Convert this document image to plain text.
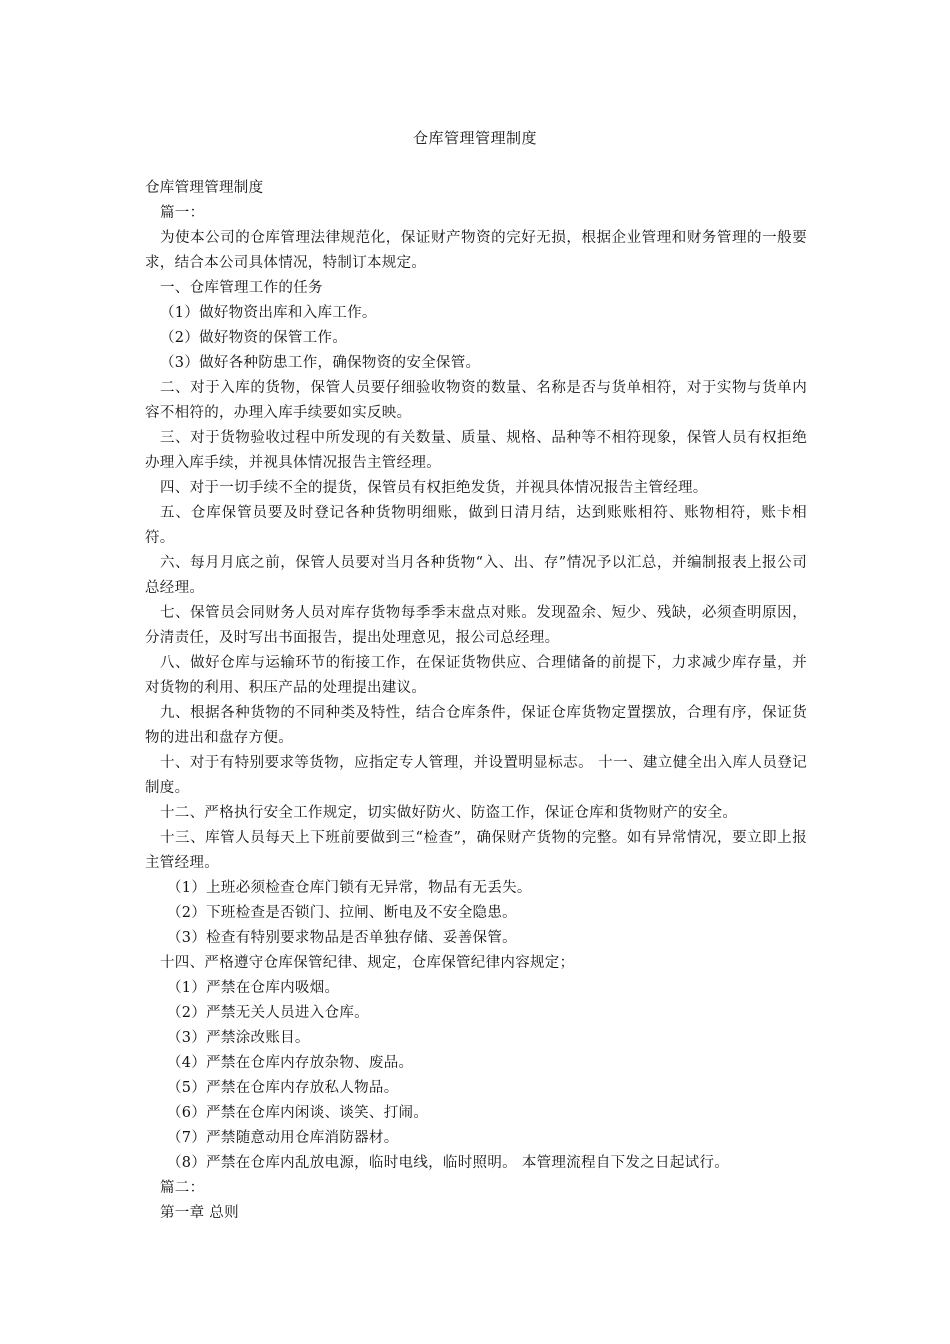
仓库管理管理制度

仓库管理管理制度

篇一：

为使本公司的仓库管理法律规范化，保证财产物资的完好无损，根据企业管理和财务管理的一般要求，结合本公司具体情况，特制订本规定。

一、仓库管理工作的任务

（1）做好物资出库和入库工作。

（2）做好物资的保管工作。

（3）做好各种防患工作，确保物资的安全保管。

二、对于入库的货物，保管人员要仔细验收物资的数量、名称是否与货单相符，对于实物与货单内容不相符的，办理入库手续要如实反映。

三、对于货物验收过程中所发现的有关数量、质量、规格、品种等不相符现象，保管人员有权拒绝办理入库手续，并视具体情况报告主管经理。

四、对于一切手续不全的提货，保管员有权拒绝发货，并视具体情况报告主管经理。

五、仓库保管员要及时登记各种货物明细账，做到日清月结，达到账账相符、账物相符，账卡相符。

六、每月月底之前，保管人员要对当月各种货物“入、出、存”情况予以汇总，并编制报表上报公司总经理。

七、保管员会同财务人员对库存货物每季季末盘点对账。发现盈余、短少、残缺，必须查明原因，分清责任，及时写出书面报告，提出处理意见，报公司总经理。

八、做好仓库与运输环节的衔接工作，在保证货物供应、合理储备的前提下，力求减少库存量，并对货物的利用、积压产品的处理提出建议。

九、根据各种货物的不同种类及特性，结合仓库条件，保证仓库货物定置摆放，合理有序，保证货物的进出和盘存方便。

十、对于有特别要求等货物，应指定专人管理，并设置明显标志。 十一、建立健全出入库人员登记制度。

十二、严格执行安全工作规定，切实做好防火、防盗工作，保证仓库和货物财产的安全。

十三、库管人员每天上下班前要做到三“检查”，确保财产货物的完整。如有异常情况，要立即上报主管经理。

（1）上班必须检查仓库门锁有无异常，物品有无丢失。

（2）下班检查是否锁门、拉闸、断电及不安全隐患。

（3）检查有特别要求物品是否单独存储、妥善保管。

十四、严格遵守仓库保管纪律、规定，仓库保管纪律内容规定；

（1）严禁在仓库内吸烟。

（2）严禁无关人员进入仓库。

（3）严禁涂改账目。

（4）严禁在仓库内存放杂物、废品。

（5）严禁在仓库内存放私人物品。

（6）严禁在仓库内闲谈、谈笑、打闹。

（7）严禁随意动用仓库消防器材。

（8）严禁在仓库内乱放电源，临时电线，临时照明。 本管理流程自下发之日起试行。

篇二：

第一章 总则
